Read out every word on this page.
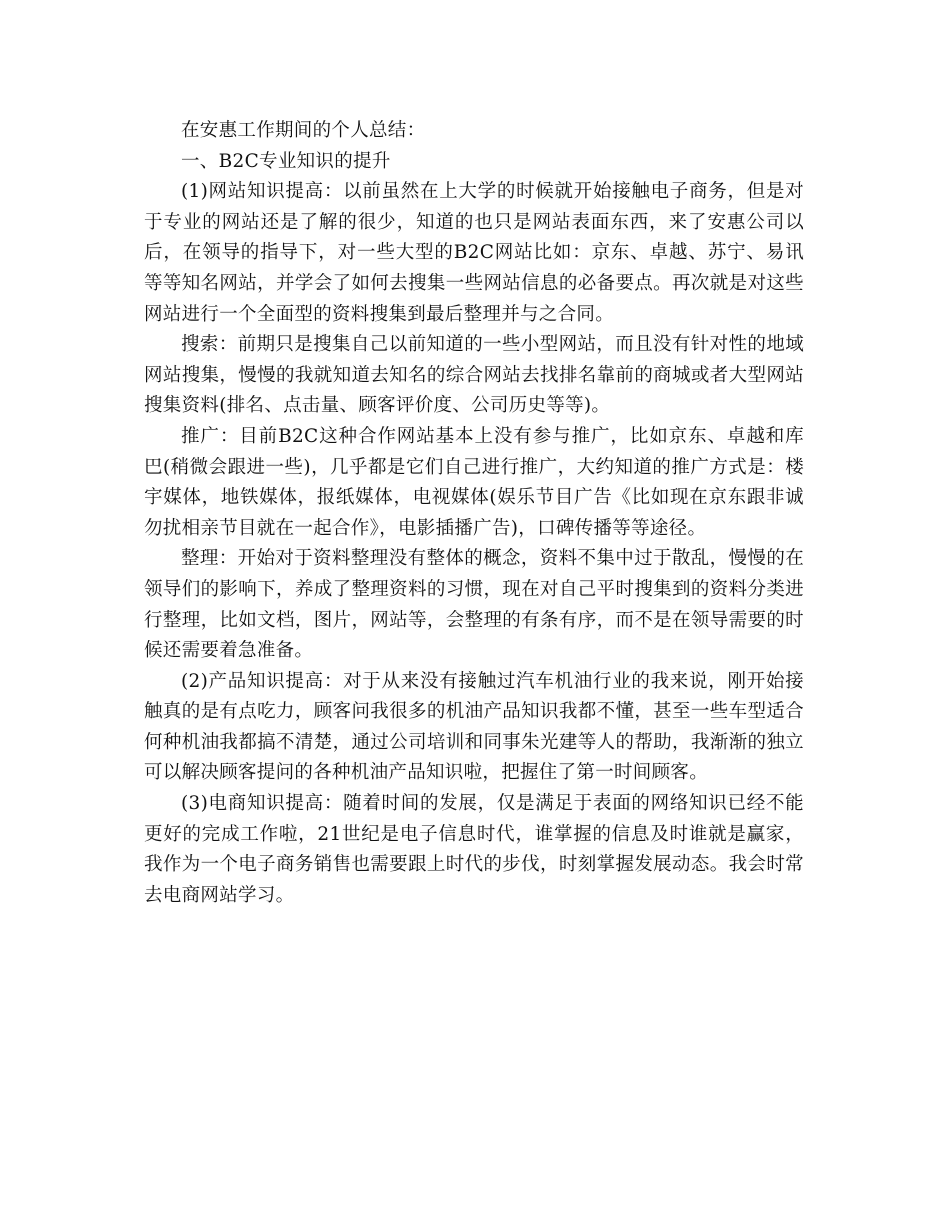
在安惠工作期间的个人总结：

一、B2C专业知识的提升

(1)网站知识提高：以前虽然在上大学的时候就开始接触电子商务，但是对于专业的网站还是了解的很少，知道的也只是网站表面东西，来了安惠公司以后，在领导的指导下，对一些大型的B2C网站比如：京东、卓越、苏宁、易讯等等知名网站，并学会了如何去搜集一些网站信息的必备要点。再次就是对这些网站进行一个全面型的资料搜集到最后整理并与之合同。

搜索：前期只是搜集自己以前知道的一些小型网站，而且没有针对性的地域网站搜集，慢慢的我就知道去知名的综合网站去找排名靠前的商城或者大型网站搜集资料(排名、点击量、顾客评价度、公司历史等等)。

推广：目前B2C这种合作网站基本上没有参与推广，比如京东、卓越和库巴(稍微会跟进一些)，几乎都是它们自己进行推广，大约知道的推广方式是：楼宇媒体，地铁媒体，报纸媒体，电视媒体(娱乐节目广告《比如现在京东跟非诚勿扰相亲节目就在一起合作》，电影插播广告)，口碑传播等等途径。

整理：开始对于资料整理没有整体的概念，资料不集中过于散乱，慢慢的在领导们的影响下，养成了整理资料的习惯，现在对自己平时搜集到的资料分类进行整理，比如文档，图片，网站等，会整理的有条有序，而不是在领导需要的时候还需要着急准备。

(2)产品知识提高：对于从来没有接触过汽车机油行业的我来说，刚开始接触真的是有点吃力，顾客问我很多的机油产品知识我都不懂，甚至一些车型适合何种机油我都搞不清楚，通过公司培训和同事朱光建等人的帮助，我渐渐的独立可以解决顾客提问的各种机油产品知识啦，把握住了第一时间顾客。

(3)电商知识提高：随着时间的发展，仅是满足于表面的网络知识已经不能更好的完成工作啦，21世纪是电子信息时代，谁掌握的信息及时谁就是赢家，我作为一个电子商务销售也需要跟上时代的步伐，时刻掌握发展动态。我会时常去电商网站学习。
